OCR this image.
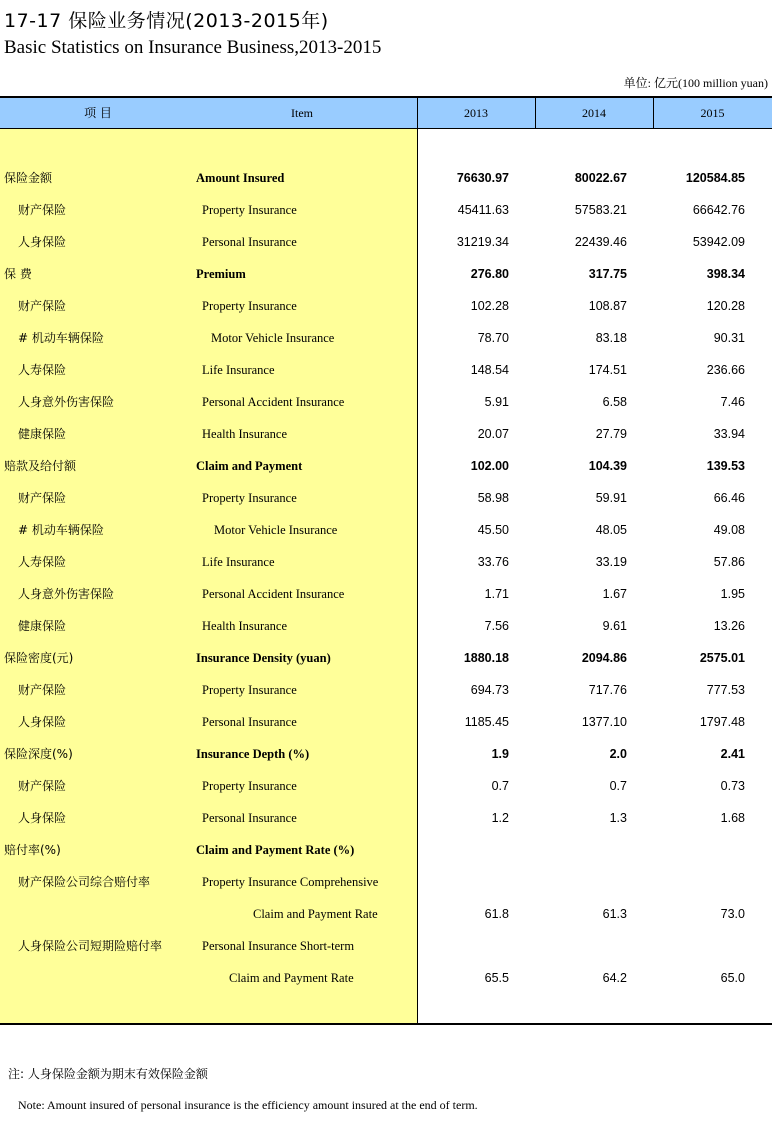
17-17 保险业务情况(2013-2015年)
Basic Statistics on Insurance Business,2013-2015
单位: 亿元(100 million yuan)
项 目	Item	2013	2014	2015
保险金额	Amount Insured	76630.97	80022.67	120584.85
财产保险	Property Insurance	45411.63	57583.21	66642.76
人身保险	Personal Insurance	31219.34	22439.46	53942.09
保 费	Premium	276.80	317.75	398.34
财产保险	Property Insurance	102.28	108.87	120.28
# 机动车辆保险	Motor Vehicle Insurance	78.70	83.18	90.31
人寿保险	Life Insurance	148.54	174.51	236.66
人身意外伤害保险	Personal Accident Insurance	5.91	6.58	7.46
健康保险	Health Insurance	20.07	27.79	33.94
赔款及给付额	Claim and Payment	102.00	104.39	139.53
财产保险	Property Insurance	58.98	59.91	66.46
# 机动车辆保险	Motor Vehicle Insurance	45.50	48.05	49.08
人寿保险	Life Insurance	33.76	33.19	57.86
人身意外伤害保险	Personal Accident Insurance	1.71	1.67	1.95
健康保险	Health Insurance	7.56	9.61	13.26
保险密度(元)	Insurance Density (yuan)	1880.18	2094.86	2575.01
财产保险	Property Insurance	694.73	717.76	777.53
人身保险	Personal Insurance	1185.45	1377.10	1797.48
保险深度(%)	Insurance Depth (%)	1.9	2.0	2.41
财产保险	Property Insurance	0.7	0.7	0.73
人身保险	Personal Insurance	1.2	1.3	1.68
赔付率(%)	Claim and Payment Rate (%)
财产保险公司综合赔付率	Property Insurance Comprehensive
Claim and Payment Rate	61.8	61.3	73.0
人身保险公司短期险赔付率	Personal Insurance Short-term
Claim and Payment Rate	65.5	64.2	65.0
注: 人身保险金额为期末有效保险金额
Note: Amount insured of personal insurance is the efficiency amount insured at the end of term.
